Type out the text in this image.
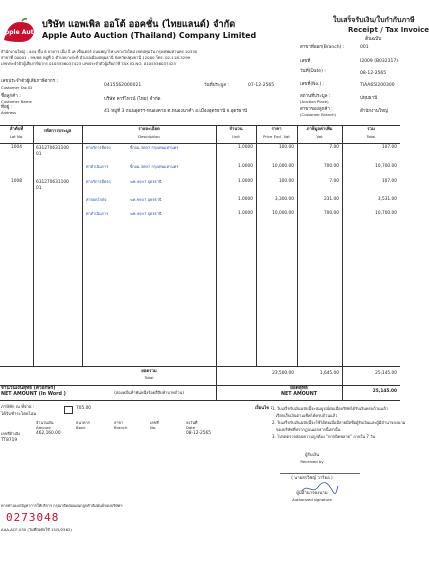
Apple Auto
บริษัท แอพเพิล ออโต้ ออคชั่น (ไทยแลนด์) จำกัด
Apple Auto Auction (Thailand) Company Limited
ใบเสร็จรับเงิน/ใบกำกับภาษี
Receipt / Tax Invoice
ต้นฉบับ
สำนักงานใหญ่ : 444 ชั้น 8 อาคาร เอ็ม บี เค เซ็นเตอร์ ถนนพญาไท แขวงวังใหม่ เขตปทุมวัน กรุงเทพมหานคร 10330
สาขาที่ 00001 : 99/88 หมู่ที่ 2 ตำบลบางกะดี อำเภอเมืองปทุมธานี จังหวัดปทุมธานี 12000 โทร. 02-118-3299
เลขประจำตัวผู้เสียภาษีอากร 0105556037423 เลขประจำตัวผู้เสียภาษี TAX ID.NO. 0105556037423
สาขาที่ออก(Branch) :	001
เลขที่	I2009 (B032317)
วันที่(Date) :	08-12-2565
เลขที่(No.) :	TIAA65I200300
สถานที่ประมูล :
(Auction Place)
ปทุมธานี
สาขาของลูกค้า :
(Customer Branch)
สำนักงานใหญ่
เลขประจำตัวผู้เสียภาษีอากร :
Customer Tax ID	0415562000021	วันที่ประมูล :	07-12-2565
ชื่อลูกค้า :
Customer Name	บริษัท คาร์ไทวน์ (ไทย) จำกัด
ที่อยู่ :
Address	41 หมู่ที่ 3 ถนนอุดรฯ-หนองคาย ต.หนองนาคำ อ.เมืองอุดรธานี จ.อุดรธานี
ลำดับที่
Lot No.
รหัสการประมูล	รายละเอียด
Description
จำนวน
Unit
ราคา
Price Excl. Vat
ภาษีมูลค่าเพิ่ม
Vat
รวม
Total
1004	631270631100
01
ค่าบริการยึดรถ	จิ้กอม-3897 กรุงเทพมหานคร	1.0000	100.00	7.00	107.00
ค่าดำเนินการ	จิ้กอม-3897 กรุงเทพมหานคร	1.0000	10,000.00	700.00	10,700.00
1008	631270631100
01
ค่าบริการยึดรถ	ฆค-9947 อุดรธานี	1.0000	100.00	7.00	107.00
ค่าจอดโกดัง	ฆค-9947 อุดรธานี	1.0000	3,300.00	231.00	3,531.00
ค่าดำเนินการ	ฆค-9947 อุดรธานี	1.0000	10,000.00	700.00	10,700.00
ยอดรวม
Total
23,500.00	1,645.00	25,145.00
จำนวนเงินสุทธิ (ตัวอักษร)
NET AMOUNT (In Word )	(สองหมื่นห้าพันหนึ่งร้อยสี่สิบห้าบาทถ้วน)
ยอดสุทธิ
NET AMOUNT
25,145.00
ภาษีหัก ณ ที่จ่าย :
ได้รับชำระโดยโอน
705.00
จำนวนเงิน
Amount
ธนาคาร
Bank
สาขา
Branch
เลขที่
No.
ลงวันที่
Date
08-12-2565
เลขที่อ้างอิง	462,160.00
TT8719
เงื่อนไข : 1. ใบเสร็จรับเงินฉบับนี้จะสมบูรณ์ต่อเมื่อบริษัทได้รับเงินครบถ้วนแล้ว
เรียกเก็บเงินตามเช็คได้ครบถ้วนแล้ว
2. ใบเสร็จรับเงินฉบับนี้จะใช้ได้ต่อเมื่อมีลายมือชื่อผู้รับเงินและผู้มีอำนาจลงนาม
ของบริษัทที่ปรากฏบนเอกสารนี้เท่านั้น
3. โปรดตรวจสอบความถูกต้อง "หากผิดพลาด" ภายใน 7 วัน
ผู้รับเงิน
Received by
( นายสรวิชญ์ วาริยอ )
ผู้มีอำนาจลงนาม
Authorized signature
หากท่านพบปัญหาการให้บริการ กรุณาติดต่อแผนกลูกค้าสัมพันธ์ของบริษัทฯ
0273048
AAA-ACF-030 (วันที่บังคับใช้ 15/5/2562)
